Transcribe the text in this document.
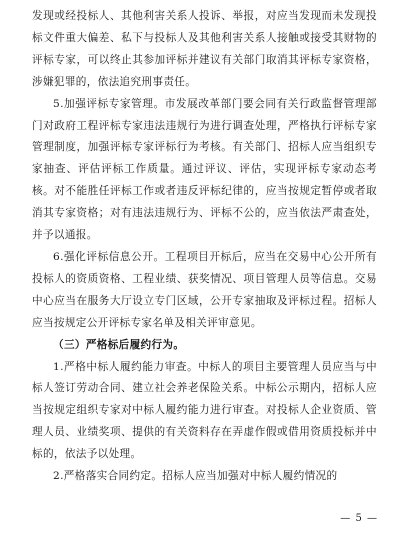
发现或经投标人、其他利害关系人投诉、举报，对应当发现而未发现投标文件重大偏差、私下与投标人及其他利害关系人接触或接受其财物的评标专家，可以终止其参加评标并建议有关部门取消其评标专家资格，涉嫌犯罪的，依法追究刑事责任。

5.加强评标专家管理。市发展改革部门要会同有关行政监督管理部门对政府工程评标专家违法违规行为进行调查处理，严格执行评标专家管理制度，加强评标专家评标行为考核。有关部门、招标人应当组织专家抽查、评估评标工作质量。通过评议、评估，实现评标专家动态考核。对不能胜任评标工作或者违反评标纪律的，应当按规定暂停或者取消其专家资格；对有违法违规行为、评标不公的，应当依法严肃查处，并予以通报。

6.强化评标信息公开。工程项目开标后，应当在交易中心公开所有投标人的资质资格、工程业绩、获奖情况、项目管理人员等信息。交易中心应当在服务大厅设立专门区域，公开专家抽取及评标过程。招标人应当按规定公开评标专家名单及相关评审意见。

（三）严格标后履约行为。

1.严格中标人履约能力审查。中标人的项目主要管理人员应当与中标人签订劳动合同、建立社会养老保险关系。中标公示期内，招标人应当按规定组织专家对中标人履约能力进行审查。对投标人企业资质、管理人员、业绩奖项、提供的有关资料存在弄虚作假或借用资质投标并中标的，依法予以处理。

2.严格落实合同约定。招标人应当加强对中标人履约情况的

— 5 —
